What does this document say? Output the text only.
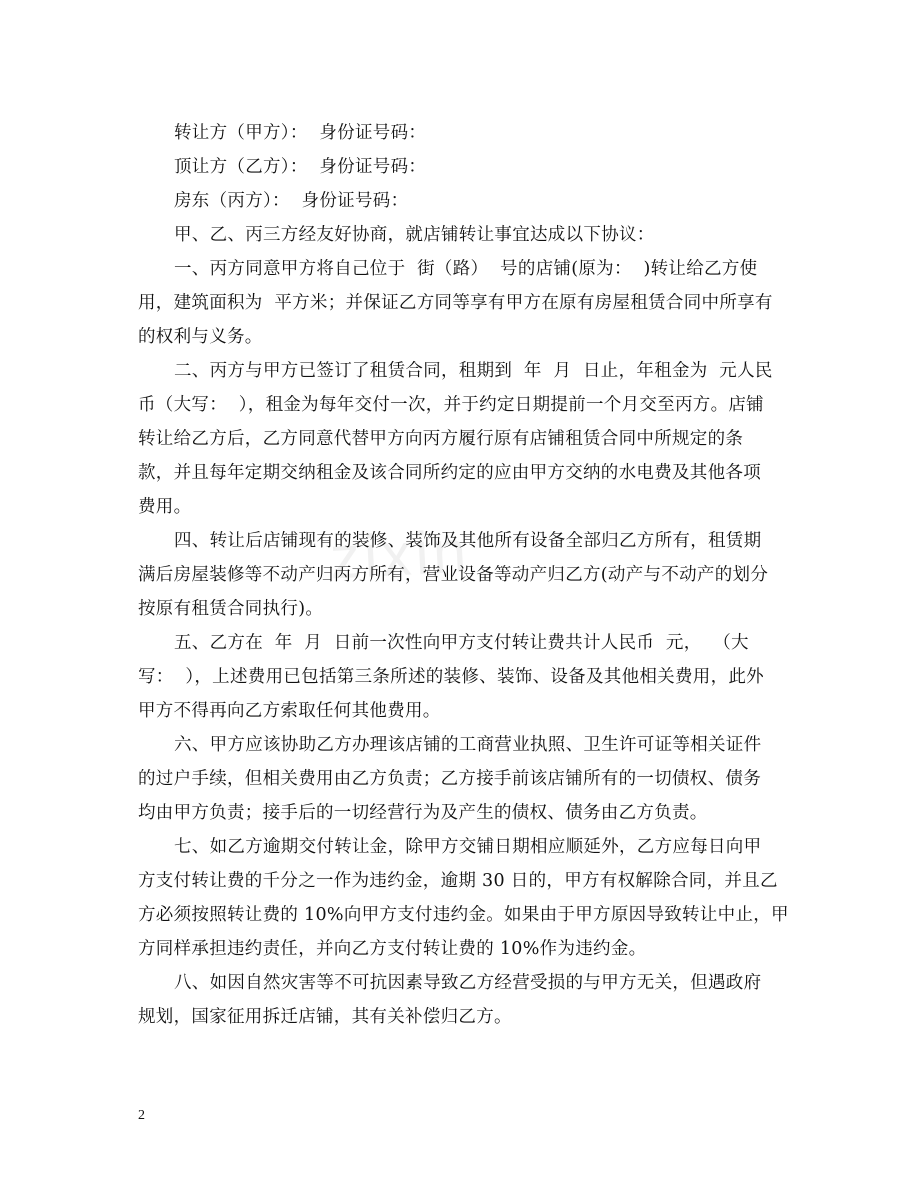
zixin
转让方（甲方）：  身份证号码：
顶让方（乙方）：  身份证号码：
房东（丙方）：  身份证号码：
甲、乙、丙三方经友好协商，就店铺转让事宜达成以下协议：
一、丙方同意甲方将自己位于  街（路）  号的店铺(原为：  )转让给乙方使
用，建筑面积为  平方米；并保证乙方同等享有甲方在原有房屋租赁合同中所享有
的权利与义务。
二、丙方与甲方已签订了租赁合同，租期到  年  月  日止，年租金为  元人民
币（大写：  ），租金为每年交付一次，并于约定日期提前一个月交至丙方。店铺
转让给乙方后，乙方同意代替甲方向丙方履行原有店铺租赁合同中所规定的条
款，并且每年定期交纳租金及该合同所约定的应由甲方交纳的水电费及其他各项
费用。
四、转让后店铺现有的装修、装饰及其他所有设备全部归乙方所有，租赁期
满后房屋装修等不动产归丙方所有，营业设备等动产归乙方(动产与不动产的划分
按原有租赁合同执行)。
五、乙方在  年  月  日前一次性向甲方支付转让费共计人民币  元，  （大
写：  ），上述费用已包括第三条所述的装修、装饰、设备及其他相关费用，此外
甲方不得再向乙方索取任何其他费用。
六、甲方应该协助乙方办理该店铺的工商营业执照、卫生许可证等相关证件
的过户手续，但相关费用由乙方负责；乙方接手前该店铺所有的一切债权、债务
均由甲方负责；接手后的一切经营行为及产生的债权、债务由乙方负责。
七、如乙方逾期交付转让金，除甲方交铺日期相应顺延外，乙方应每日向甲
方支付转让费的千分之一作为违约金，逾期 30 日的，甲方有权解除合同，并且乙
方必须按照转让费的 10%向甲方支付违约金。如果由于甲方原因导致转让中止，甲
方同样承担违约责任，并向乙方支付转让费的 10%作为违约金。
八、如因自然灾害等不可抗因素导致乙方经营受损的与甲方无关，但遇政府
规划，国家征用拆迁店铺，其有关补偿归乙方。
2
